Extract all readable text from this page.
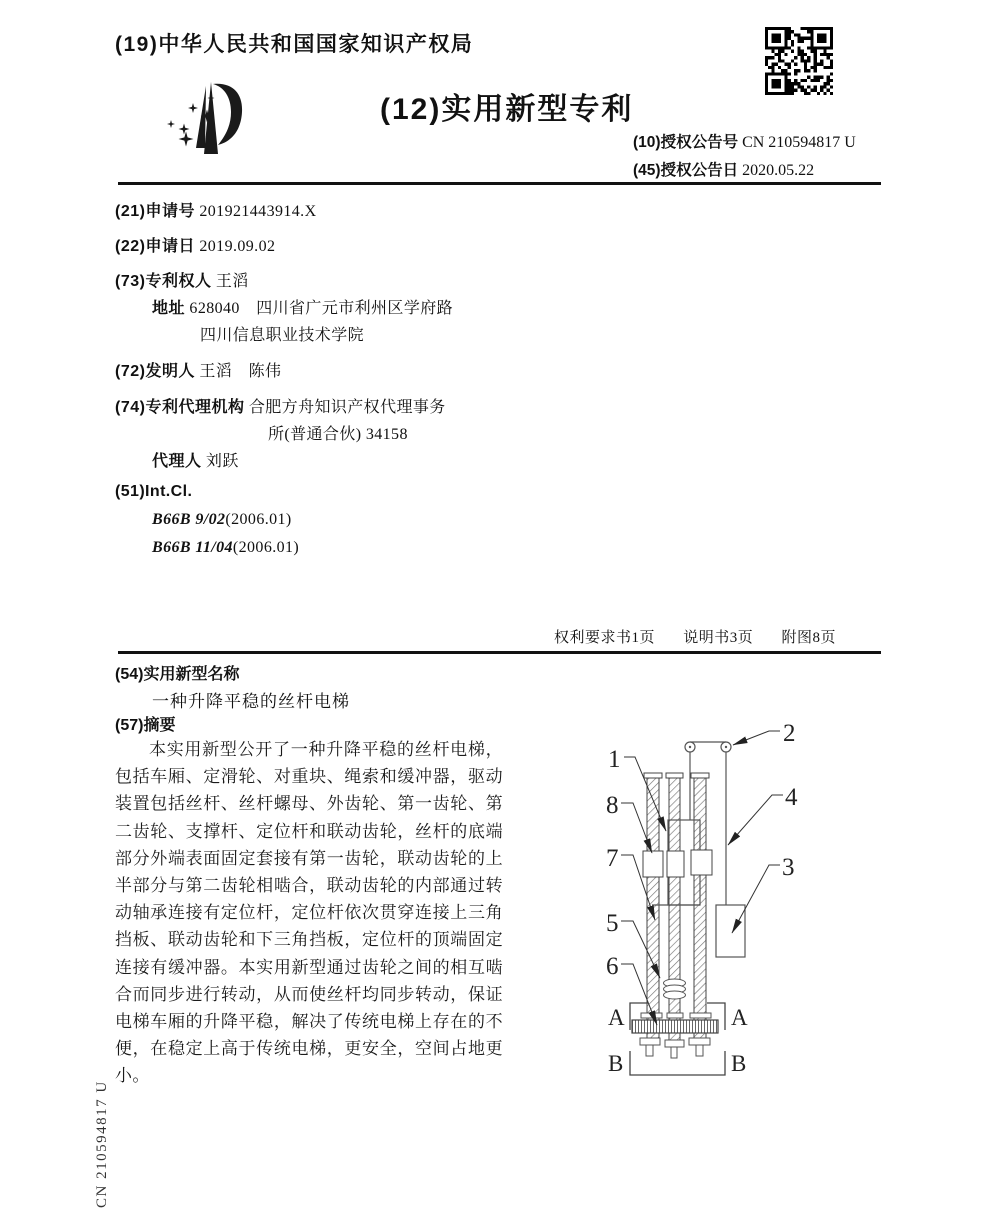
(19)中华人民共和国国家知识产权局
(12)实用新型专利
(10)授权公告号 CN 210594817 U
(45)授权公告日 2020.05.22
(21)申请号 201921443914.X
(22)申请日 2019.09.02
(73)专利权人 王滔
地址 628040　四川省广元市利州区学府路
四川信息职业技术学院
(72)发明人 王滔　陈伟
(74)专利代理机构 合肥方舟知识产权代理事务
所(普通合伙) 34158
代理人 刘跃
(51)Int.Cl.
B66B 9/02(2006.01)
B66B 11/04(2006.01)
权利要求书1页 说明书3页 附图8页
(54)实用新型名称
一种升降平稳的丝杆电梯
(57)摘要
本实用新型公开了一种升降平稳的丝杆电梯，包括车厢、定滑轮、对重块、绳索和缓冲器，驱动装置包括丝杆、丝杆螺母、外齿轮、第一齿轮、第二齿轮、支撑杆、定位杆和联动齿轮，丝杆的底端部分外端表面固定套接有第一齿轮，联动齿轮的上半部分与第二齿轮相啮合，联动齿轮的内部通过转动轴承连接有定位杆，定位杆依次贯穿连接上三角挡板、联动齿轮和下三角挡板，定位杆的顶端固定连接有缓冲器。本实用新型通过齿轮之间的相互啮合而同步进行转动，从而使丝杆均同步转动，保证电梯车厢的升降平稳，解决了传统电梯上存在的不便，在稳定上高于传统电梯，更安全，空间占地更小。
1
8
7
5
6
2
4
3
A	A
B	B
CN 210594817 U
